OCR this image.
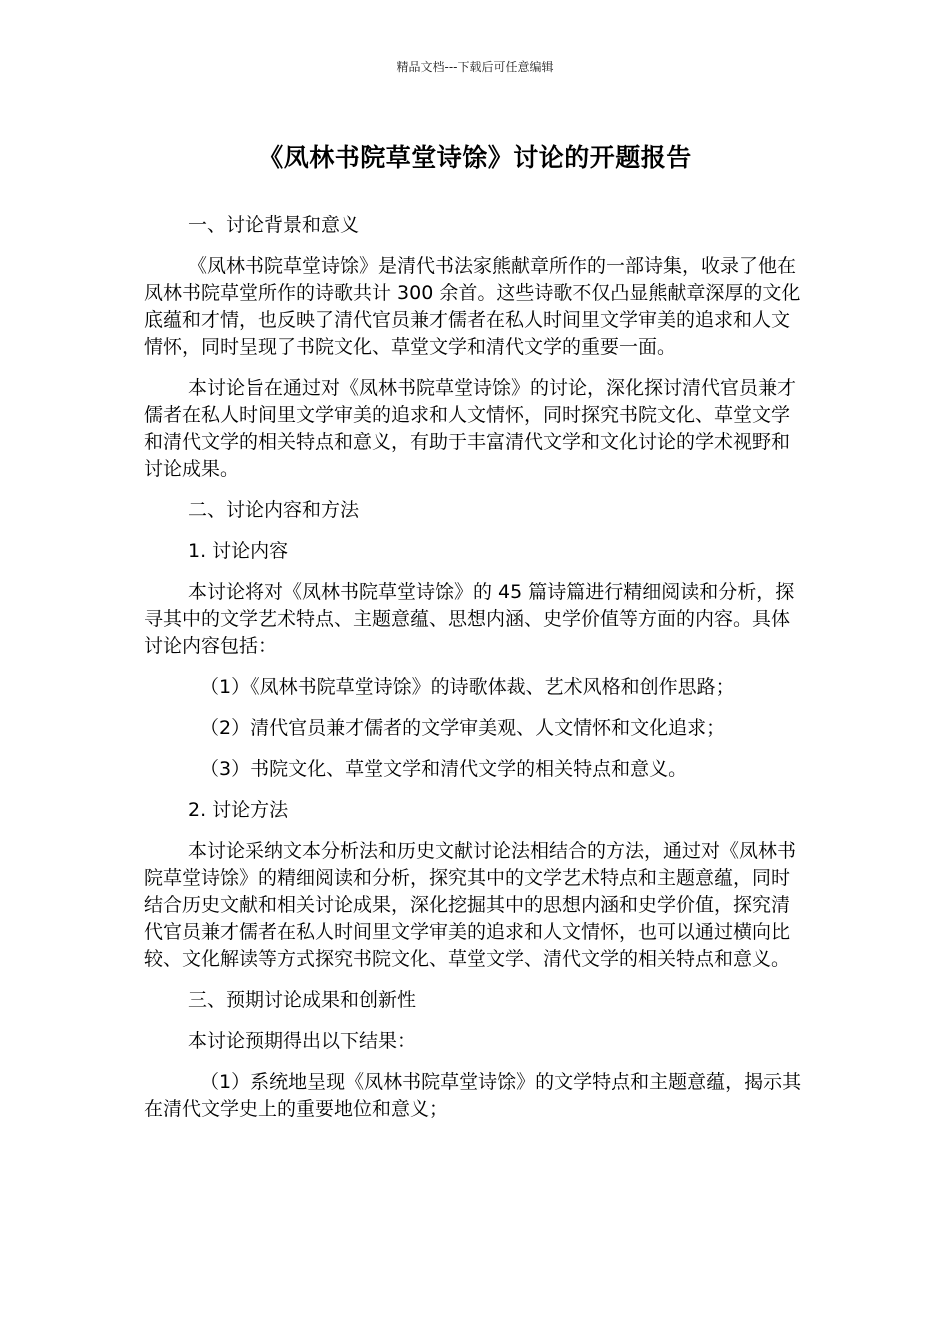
精品文档---下载后可任意编辑
《凤林书院草堂诗馀》讨论的开题报告

一、讨论背景和意义

《凤林书院草堂诗馀》是清代书法家熊献章所作的一部诗集，收录了他在凤林书院草堂所作的诗歌共计 300 余首。这些诗歌不仅凸显熊献章深厚的文化底蕴和才情，也反映了清代官员兼才儒者在私人时间里文学审美的追求和人文情怀，同时呈现了书院文化、草堂文学和清代文学的重要一面。

本讨论旨在通过对《凤林书院草堂诗馀》的讨论，深化探讨清代官员兼才儒者在私人时间里文学审美的追求和人文情怀，同时探究书院文化、草堂文学和清代文学的相关特点和意义，有助于丰富清代文学和文化讨论的学术视野和讨论成果。

二、讨论内容和方法

1. 讨论内容

本讨论将对《凤林书院草堂诗馀》的 45 篇诗篇进行精细阅读和分析，探寻其中的文学艺术特点、主题意蕴、思想内涵、史学价值等方面的内容。具体讨论内容包括：

（1）《凤林书院草堂诗馀》的诗歌体裁、艺术风格和创作思路；

（2）清代官员兼才儒者的文学审美观、人文情怀和文化追求；

（3）书院文化、草堂文学和清代文学的相关特点和意义。

2. 讨论方法

本讨论采纳文本分析法和历史文献讨论法相结合的方法，通过对《凤林书院草堂诗馀》的精细阅读和分析，探究其中的文学艺术特点和主题意蕴，同时结合历史文献和相关讨论成果，深化挖掘其中的思想内涵和史学价值，探究清代官员兼才儒者在私人时间里文学审美的追求和人文情怀，也可以通过横向比较、文化解读等方式探究书院文化、草堂文学、清代文学的相关特点和意义。

三、预期讨论成果和创新性

本讨论预期得出以下结果：

（1）系统地呈现《凤林书院草堂诗馀》的文学特点和主题意蕴，揭示其在清代文学史上的重要地位和意义；
